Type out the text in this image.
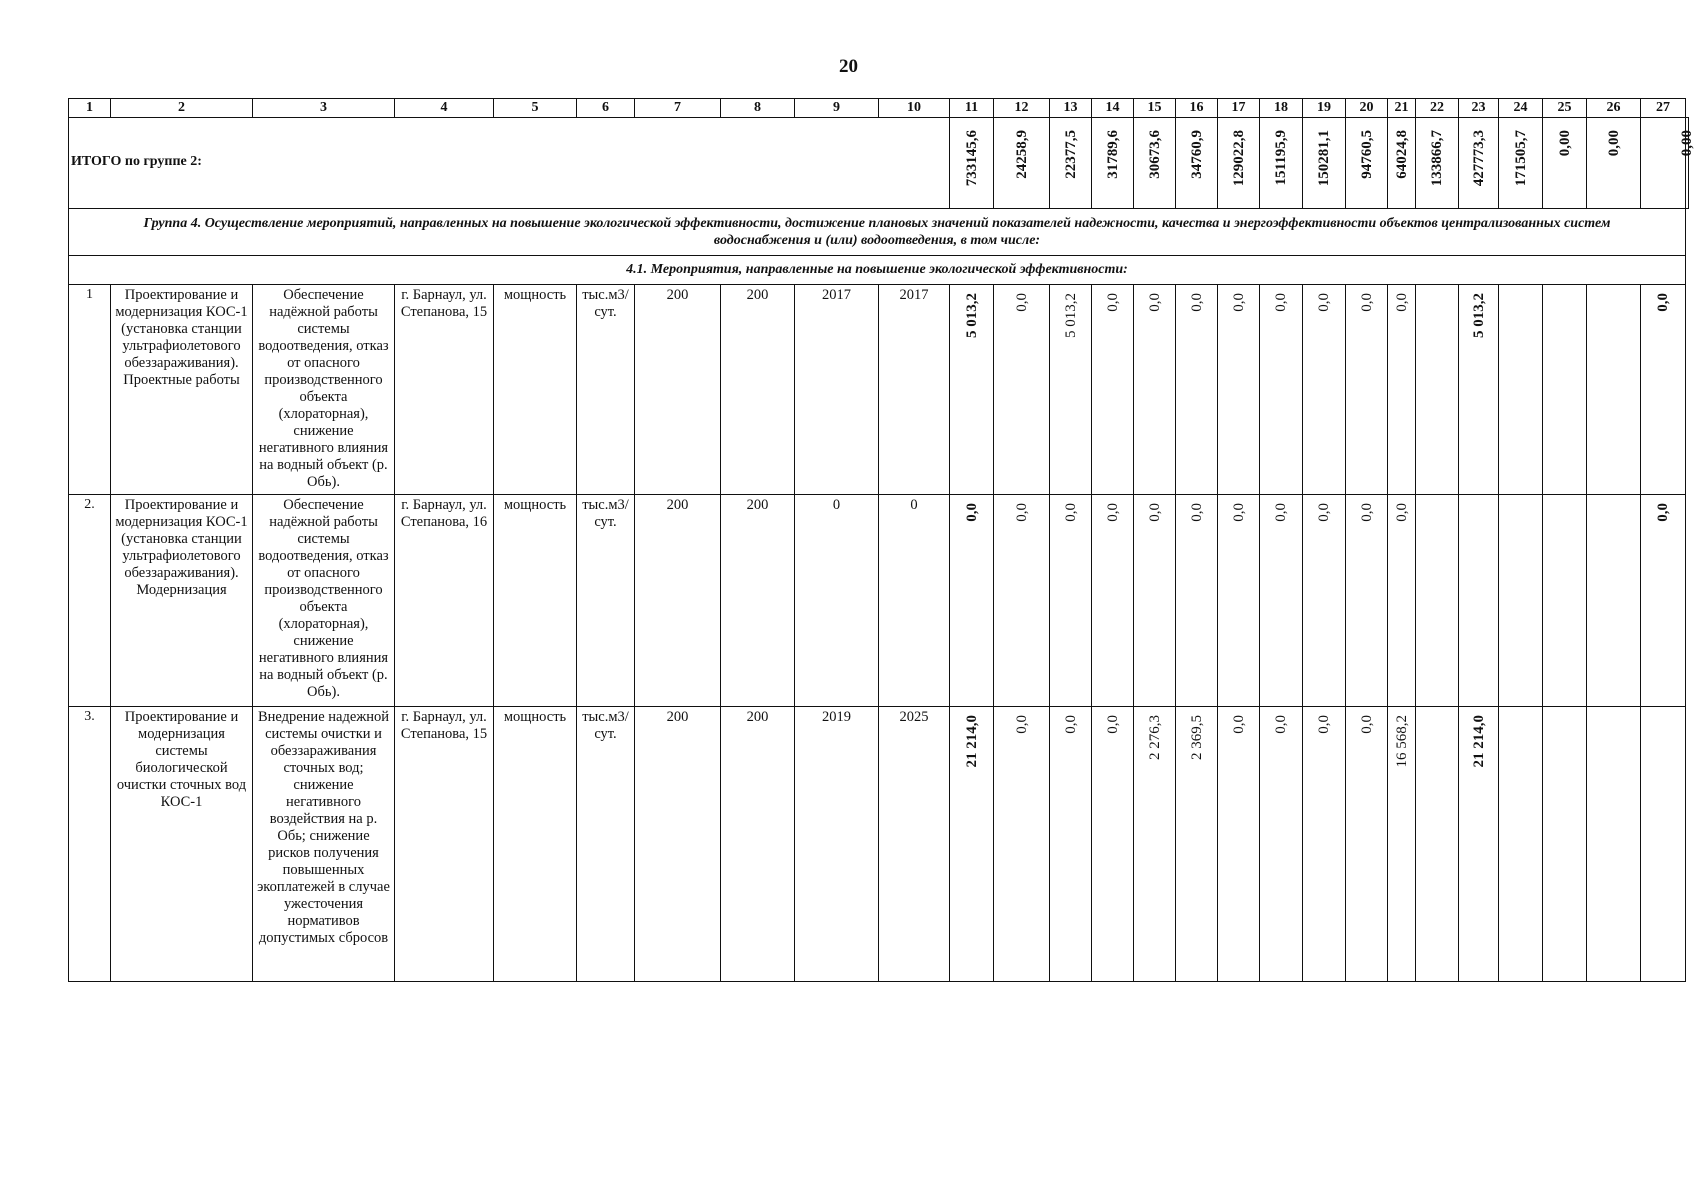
20
1	2	3	4	5	6	7	8	9	10	11	12	13	14	15	16	17	18	19	20	21	22	23	24	25	26	27	

ИТОГО по группе 2:										733145,6	24258,9	22377,5	31789,6	30673,6	34760,9	129022,8	151195,9	150281,1	94760,5	64024,8	133866,7	427773,3	171505,7	0,00	0,00		0,00

Группа 4. Осуществление мероприятий, направленных на повышение экологической эффективности, достижение плановых значений показателей надежности, качества и энергоэффективности объектов централизованных систем водоснабжения и (или) водоотведения, в том числе:																											
4.1. Мероприятия, направленные на повышение экологической эффективности:																											
1	Проектирование и модернизация КОС-1 (установка станции ультрафиолетового обеззараживания). Проектные работы	Обеспечение надёжной работы системы водоотведения, отказ от опасного производственного объекта (хлораторная), снижение негативного влияния на водный объект (р. Обь).	г. Барнаул, ул. Степанова, 15	мощность	тыс.м3/ сут.	200	200	2017	2017	5 013,2	0,0	5 013,2	0,0	0,0	0,0	0,0	0,0	0,0	0,0	0,0		5 013,2				0,0	

2.	Проектирование и модернизация КОС-1 (установка станции ультрафиолетового обеззараживания). Модернизация	Обеспечение надёжной работы системы водоотведения, отказ от опасного производственного объекта (хлораторная), снижение негативного влияния на водный объект (р. Обь).	г. Барнаул, ул. Степанова, 16	мощность	тыс.м3/ сут.	200	200	0	0	0,0	0,0	0,0	0,0	0,0	0,0	0,0	0,0	0,0	0,0	0,0						0,0	

3.	Проектирование и модернизация системы биологической очистки сточных вод КОС-1	Внедрение надежной системы очистки и обеззараживания сточных вод; снижение негативного воздействия на р. Обь; снижение рисков получения повышенных экоплатежей в случае ужесточения нормативов допустимых сбросов	г. Барнаул, ул. Степанова, 15	мощность	тыс.м3/ сут.	200	200	2019	2025	21 214,0	0,0	0,0	0,0	2 276,3	2 369,5	0,0	0,0	0,0	0,0	16 568,2		21 214,0					
